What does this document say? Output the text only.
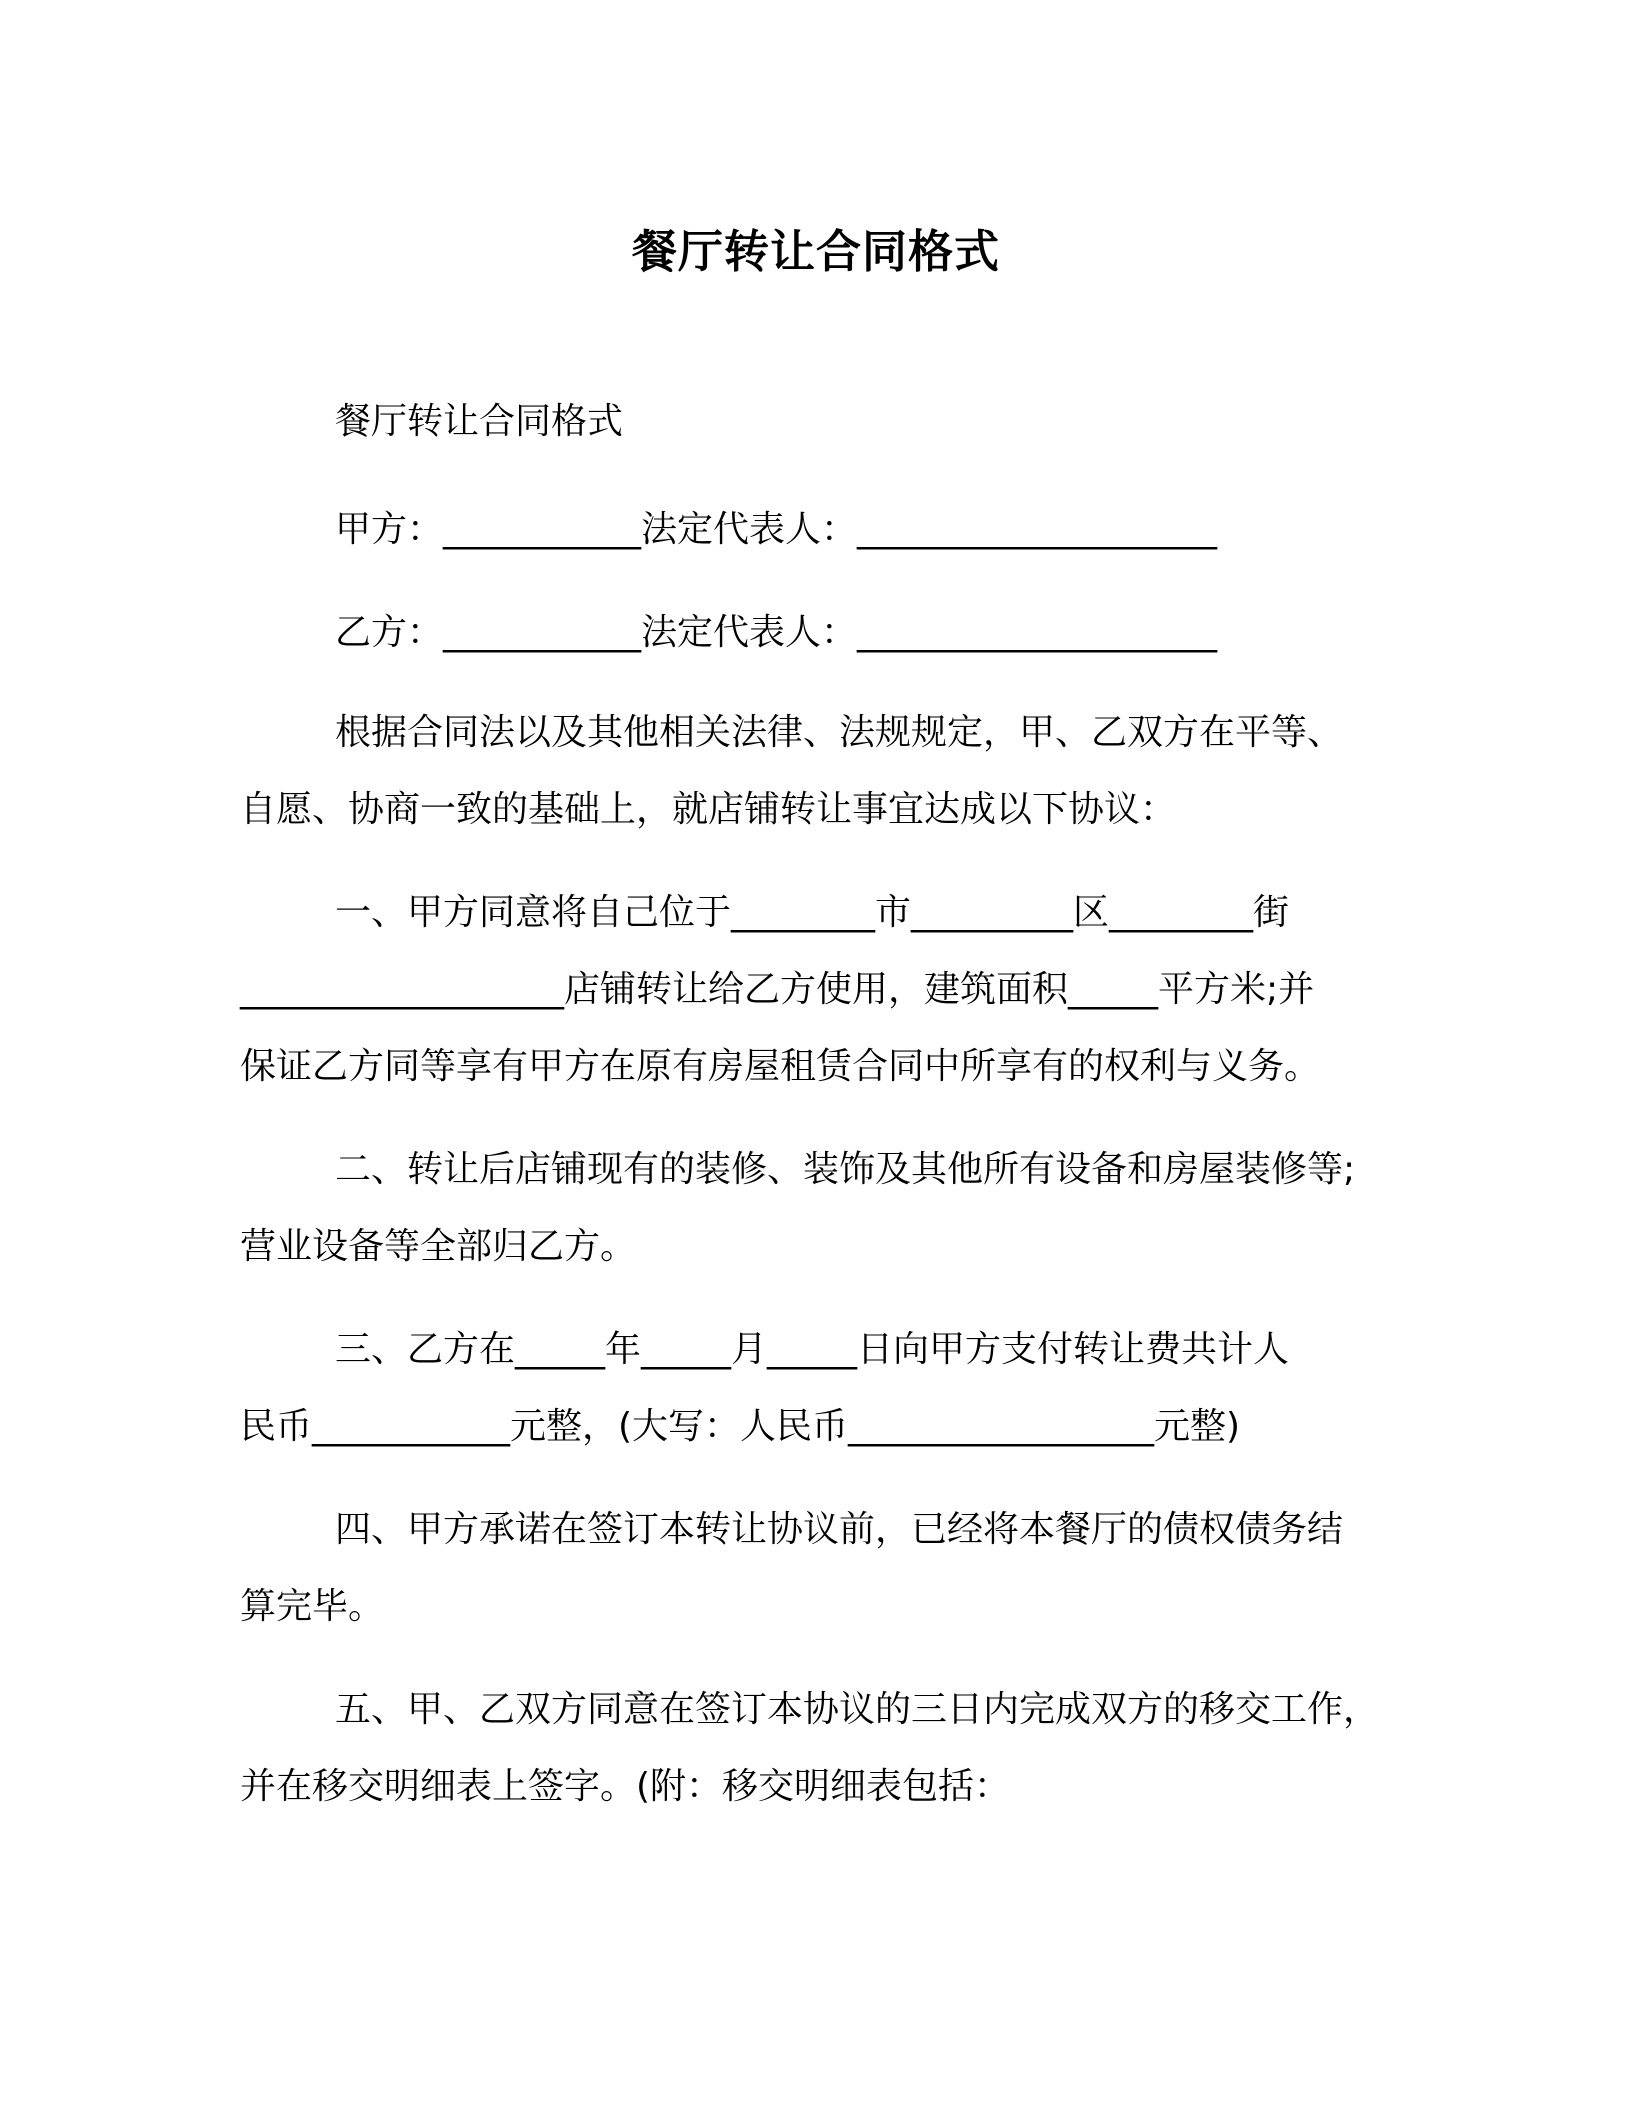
餐厅转让合同格式
餐厅转让合同格式
甲方：___________法定代表人：____________________
乙方：___________法定代表人：____________________
根据合同法以及其他相关法律、法规规定，甲、乙双方在平等、
自愿、协商一致的基础上，就店铺转让事宜达成以下协议：
一、甲方同意将自己位于________市_________区________街
__________________店铺转让给乙方使用，建筑面积_____平方米;并
保证乙方同等享有甲方在原有房屋租赁合同中所享有的权利与义务。
二、转让后店铺现有的装修、装饰及其他所有设备和房屋装修等;
营业设备等全部归乙方。
三、乙方在_____年_____月_____日向甲方支付转让费共计人
民币___________元整，(大写：人民币_________________元整)
四、甲方承诺在签订本转让协议前，已经将本餐厅的债权债务结
算完毕。
五、甲、乙双方同意在签订本协议的三日内完成双方的移交工作，
并在移交明细表上签字。(附：移交明细表包括：
